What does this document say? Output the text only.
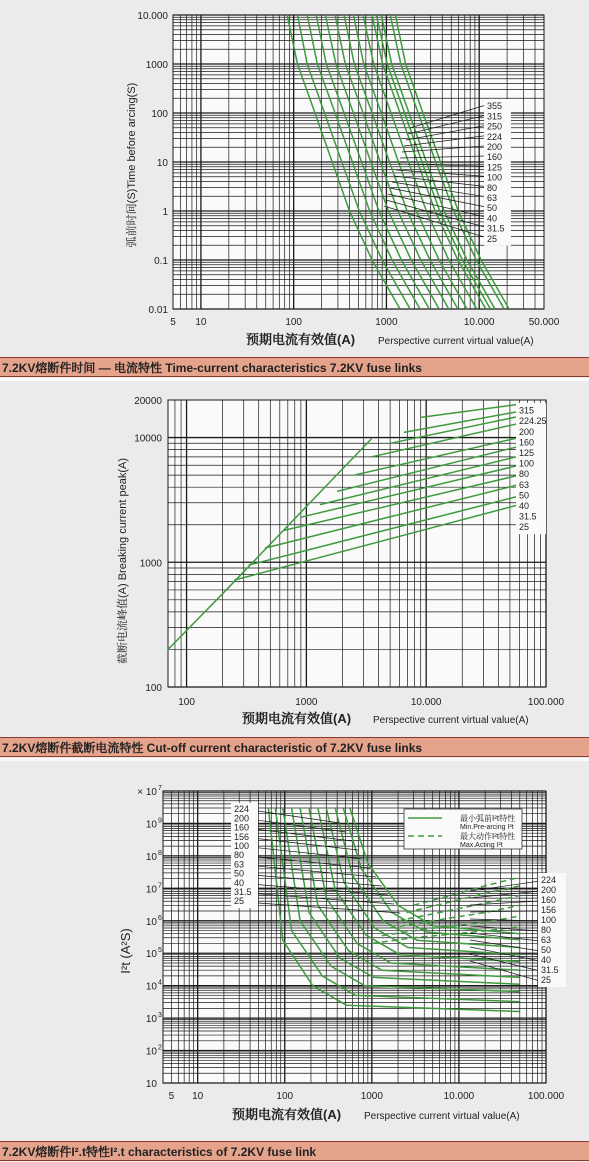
355
315
250
224
200
160
125
100
80
63
50
40
31.5
25
5 10	100	1000	10.000	50.000
0.01
0.1
1
10
100
1000
10.000
预期电流有效值(A) Perspective current virtual value(A)
弧前时间(S)Time before arcing(S)
7.2KV熔断件时间 — 电流特性 Time-current characteristics 7.2KV fuse links
315
224.25
200
160
125
100
80
63
50
40
31.5
25
100	1000	10.000	100.000
100
1000
10000
20000
预期电流有效值(A) Perspective current virtual value(A)
截断电流峰值(A) Breaking current peak(A)
7.2KV熔断件截断电流特性 Cut-off current characteristic of 7.2KV fuse links
224
200
160
156
100
80
63
50
40
31.5
25
224
200
160
156
100
80
63
50
40
31.5
25
最小弧前I²t特性
Min.Pre-arcing I²t
最大动作I²t特性
Max.Acting I²t
5 10	100	1000	10.000	100.000
10
10 2
10 3
10 4
10 5
10 6
10 7
10 8
10 9
× 10 7
预期电流有效值(A) Perspective current virtual value(A)
I²t (A²S)
7.2KV熔断件I².t特性I².t characteristics of 7.2KV fuse link
